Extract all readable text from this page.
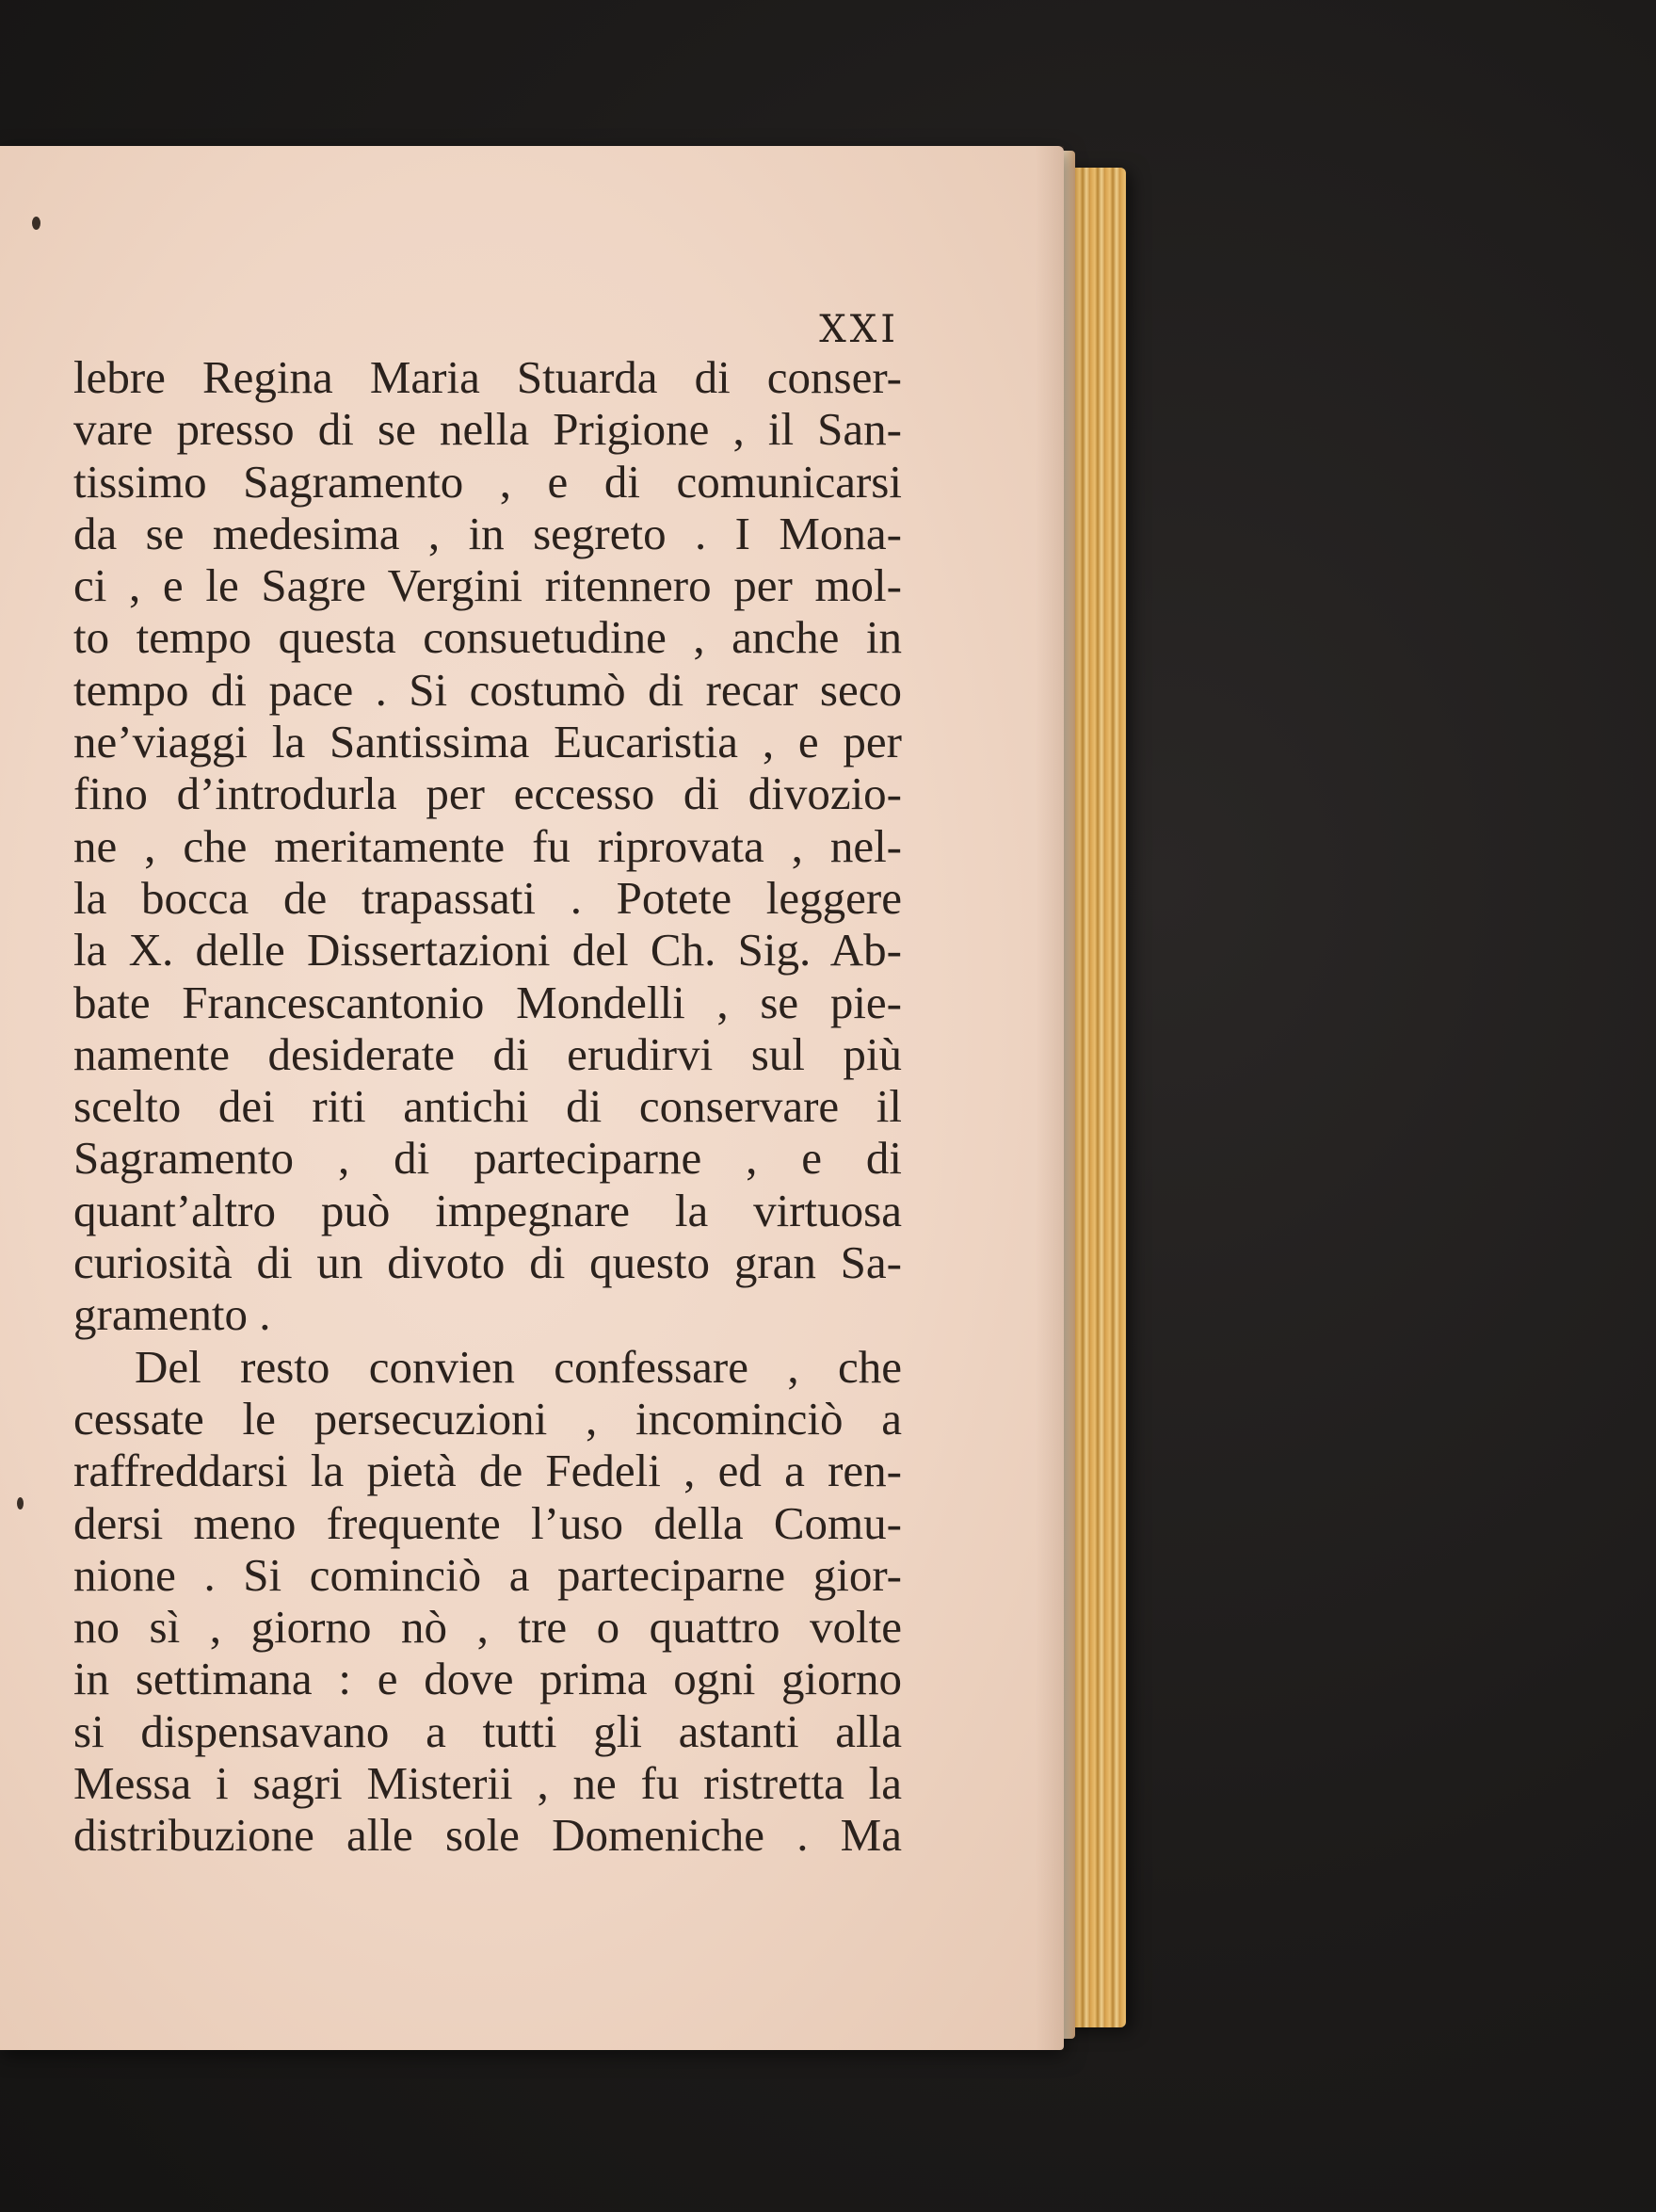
XXI

lebre Regina Maria Stuarda di conser-
vare presso di se nella Prigione , il San-
tissimo Sagramento , e di comunicarsi
da se medesima , in segreto . I Mona-
ci , e le Sagre Vergini ritennero per mol-
to tempo questa consuetudine , anche in
tempo di pace . Si costumò di recar seco
ne’viaggi la Santissima Eucaristia , e per
fino d’introdurla per eccesso di divozio-
ne , che meritamente fu riprovata , nel-
la bocca de trapassati . Potete leggere
la X. delle Dissertazioni del Ch. Sig. Ab-
bate Francescantonio Mondelli , se pie-
namente desiderate di erudirvi sul più
scelto dei riti antichi di conservare il
Sagramento , di parteciparne , e di
quant’altro può impegnare la virtuosa
curiosità di un divoto di questo gran Sa-
gramento .
Del resto convien confessare , che
cessate le persecuzioni , incominciò a
raffreddarsi la pietà de Fedeli , ed a ren-
dersi meno frequente l’uso della Comu-
nione . Si cominciò a parteciparne gior-
no sì , giorno nò , tre o quattro volte
in settimana : e dove prima ogni giorno
si dispensavano a tutti gli astanti alla
Messa i sagri Misterii , ne fu ristretta la
distribuzione alle sole Domeniche . Ma
